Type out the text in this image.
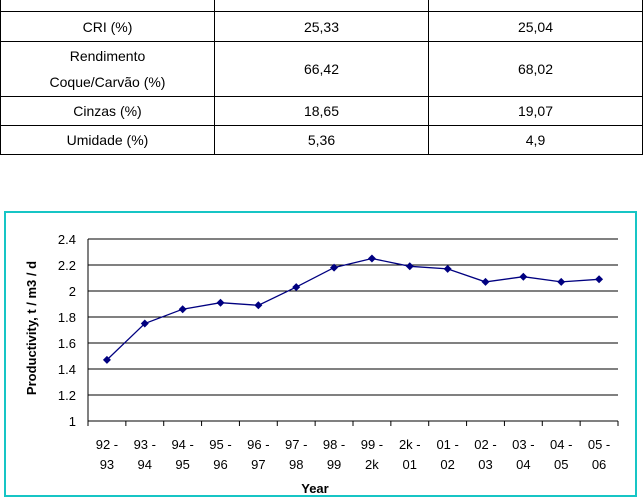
CRI (%)	25,33	25,04

Rendimento
Coque/Carvão (%)	66,42	68,02
Cinzas (%)	18,65	19,07
Umidade (%)	5,36	4,9
1
1.2
1.4
1.6
1.8
2
2.2
2.4
92 -
93
93 -
94
94 -
95
95 -
96
96 -
97
97 -
98
98 -
99
99 -
2k
2k -
01
01 -
02
02 -
03
03 -
04
04 -
05
05 -
06
Year
Productivity, t / m3 / d
